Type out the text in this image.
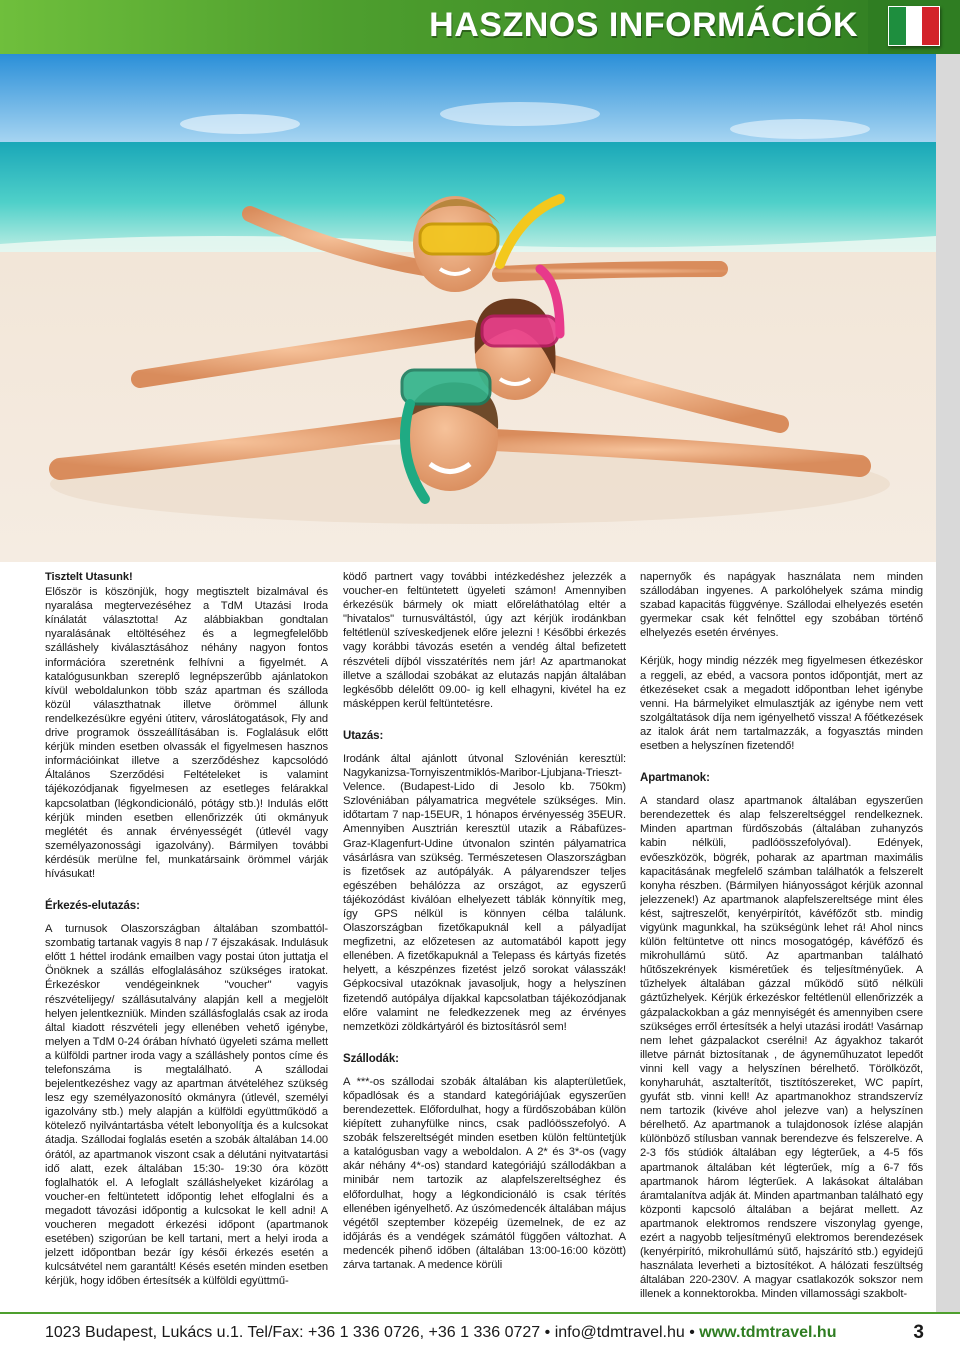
HASZNOS INFORMÁCIÓK

Tisztelt Utasunk!

Először is köszönjük, hogy megtisztelt bizalmával és nyaralása megtervezéséhez a TdM Utazási Iroda kínálatát választotta! Az alábbiakban gondtalan nyaralásának eltöltéséhez és a legmegfelelőbb szálláshely kiválasztásához néhány nagyon fontos információra szeretnénk felhívni a figyelmét. A katalógusunkban szereplő legnépszerűbb ajánlatokon kívül weboldalunkon több száz apartman és szálloda közül választhatnak illetve örömmel állunk rendelkezésükre egyéni útiterv, városlátogatások, Fly and drive programok összeállításában is. Foglalásuk előtt kérjük minden esetben olvassák el figyelmesen hasznos információinkat illetve a szerződéshez kapcsolódó Általános Szerződési Feltételeket is valamint tájékozódjanak figyelmesen az esetleges felárakkal kapcsolatban (légkondicionáló, pótágy stb.)! Indulás előtt kérjük minden esetben ellenőrizzék úti okmányuk meglétét és annak érvényességét (útlevél vagy személyazonossági igazolvány). Bármilyen további kérdésük merülne fel, munkatársaink örömmel várják hívásukat!

Érkezés-elutazás:

A turnusok Olaszországban általában szombattól-szombatig tartanak vagyis 8 nap / 7 éjszakásak. Indulásuk előtt 1 héttel irodánk emailben vagy postai úton juttatja el Önöknek a szállás elfoglalásához szükséges iratokat. Érkezéskor vendégeinknek "voucher" vagyis részvételijegy/ szállásutalvány alapján kell a megjelölt helyen jelentkezniük. Minden szállásfoglalás csak az iroda által kiadott részvételi jegy ellenében vehető igénybe, melyen a TdM 0-24 órában hívható ügyeleti száma mellett a külföldi partner iroda vagy a szálláshely pontos címe és telefonszáma is megtalálható. A szállodai bejelentkezéshez vagy az apartman átvételéhez szükség lesz egy személyazonosító okmányra (útlevél, személyi igazolvány stb.) mely alapján a külföldi együttműködő a kötelező nyilvántartásba vételt lebonyolítja és a kulcsokat átadja. Szállodai foglalás esetén a szobák általában 14.00 órától, az apartmanok viszont csak a délutáni nyitvatartási idő alatt, ezek általában 15:30- 19:30 óra között foglalhatók el. A lefoglalt szálláshelyeket kizárólag a voucher-en feltüntetett időpontig lehet elfoglalni és a megadott távozási időpontig a kulcsokat le kell adni! A voucheren megadott érkezési időpont (apartmanok esetében) szigorúan be kell tartani, mert a helyi iroda a jelzett időpontban bezár így késői érkezés esetén a kulcsátvétel nem garantált! Késés esetén minden esetben kérjük, hogy időben értesítsék a külföldi együttmű-

ködő partnert vagy további intézkedéshez jelezzék a voucher-en feltüntetett ügyeleti számon! Amennyiben érkezésük bármely ok miatt előreláthatólag eltér a "hivatalos" turnusváltástól, úgy azt kérjük irodánkban feltétlenül szíveskedjenek előre jelezni ! Későbbi érkezés vagy korábbi távozás esetén a vendég által befizetett részvételi díjból visszatérítés nem jár! Az apartmanokat illetve a szállodai szobákat az elutazás napján általában legkésőbb délelőtt 09.00- ig kell elhagyni, kivétel ha ez másképpen kerül feltüntetésre.

Utazás:

Irodánk által ajánlott útvonal Szlovénián keresztül: Nagykanizsa-Tornyiszentmiklós-Maribor-Ljubjana-Trieszt-Velence. (Budapest-Lido di Jesolo kb. 750km) Szlovéniában pályamatrica megvétele szükséges. Min. időtartam 7 nap-15EUR, 1 hónapos érvényesség 35EUR. Amennyiben Ausztrián keresztül utazik a Rábafüzes-Graz-Klagenfurt-Udine útvonalon szintén pályamatrica vásárlásra van szükség. Természetesen Olaszországban is fizetősek az autópályák. A pályarendszer teljes egészében behálózza az országot, az egyszerű tájékozódást kiválóan elhelyezett táblák könnyítik meg, így GPS nélkül is könnyen célba találunk. Olaszországban fizetőkapuknál kell a pályadíjat megfizetni, az előzetesen az automatából kapott jegy ellenében. A fizetőkapuknál a Telepass és kártyás fizetés helyett, a készpénzes fizetést jelző sorokat válasszák! Gépkocsival utazóknak javasoljuk, hogy a helyszínen fizetendő autópálya díjakkal kapcsolatban tájékozódjanak előre valamint ne feledkezzenek meg az érvényes nemzetközi zöldkártyáról és biztosításról sem!

Szállodák:

A ***-os szállodai szobák általában kis alapterületűek, kőpadlósak és a standard kategóriájúak egyszerűen berendezettek. Előfordulhat, hogy a fürdőszobában külön kiépített zuhanyfülke nincs, csak padlóösszefolyó. A szobák felszereltségét minden esetben külön feltüntetjük a katalógusban vagy a weboldalon. A 2* és 3*-os (vagy akár néhány 4*-os) standard kategóriájú szállodákban a minibár nem tartozik az alapfelszereltséghez és előfordulhat, hogy a légkondicionáló is csak térítés ellenében igényelhető. Az úszómedencék általában május végétől szeptember közepéig üzemelnek, de ez az időjárás és a vendégek számától függően változhat. A medencék pihenő időben (általában 13:00-16:00 között) zárva tartanak. A medence körüli

napernyők és napágyak használata nem minden szállodában ingyenes. A parkolóhelyek száma mindig szabad kapacitás függvénye. Szállodai elhelyezés esetén gyermekar csak két felnőttel egy szobában történő elhelyezés esetén érvényes.

Kérjük, hogy mindig nézzék meg figyelmesen étkezéskor a reggeli, az ebéd, a vacsora pontos időpontját, mert az étkezéseket csak a megadott időpontban lehet igénybe venni. Ha bármelyiket elmulasztják az igénybe nem vett szolgáltatások díja nem igényelhető vissza! A főétkezések az italok árát nem tartalmazzák, a fogyasztás minden esetben a helyszínen fizetendő!

Apartmanok:

A standard olasz apartmanok általában egyszerűen berendezettek és alap felszereltséggel rendelkeznek. Minden apartman fürdőszobás (általában zuhanyzós kabin nélküli, padlóösszefolyóval). Edények, evőeszközök, bögrék, poharak az apartman maximális kapacitásának megfelelő számban találhatók a felszerelt konyha részben. (Bármilyen hiányosságot kérjük azonnal jelezzenek!) Az apartmanok alapfelszereltsége mint éles kést, sajtreszelőt, kenyérpirítót, kávéfőzőt stb. mindig vigyünk magunkkal, ha szükségünk lehet rá! Ahol nincs külön feltüntetve ott nincs mosogatógép, kávéfőző és mikrohullámú sütő. Az apartmanban található hűtőszekrények kisméretűek és teljesítményűek. A tűzhelyek általában gázzal működő sütő nélküli gáztűzhelyek. Kérjük érkezéskor feltétlenül ellenőrizzék a gázpalackokban a gáz mennyiségét és amennyiben csere szükséges erről értesítsék a helyi utazási irodát! Vasárnap nem lehet gázpalackot cserélni! Az ágyakhoz takarót illetve párnát biztosítanak , de ágyneműhuzatot lepedőt vinni kell vagy a helyszínen bérelhető. Törölközőt, konyharuhát, asztalterítőt, tisztítószereket, WC papírt, gyufát stb. vinni kell! Az apartmanokhoz strandszervíz nem tartozik (kivéve ahol jelezve van) a helyszínen bérelhető. Az apartmanok a tulajdonosok ízlése alapján különböző stílusban vannak berendezve és felszerelve. A 2-3 fős stúdiók általában egy légterűek, a 4-5 fős apartmanok általában két légterűek, míg a 6-7 fős apartmanok három légterűek. A lakásokat általában áramtalanítva adják át. Minden apartmanban található egy központi kapcsoló általában a bejárat mellett. Az apartmanok elektromos rendszere viszonylag gyenge, ezért a nagyobb teljesítményű elektromos berendezések (kenyérpirító, mikrohullámú sütő, hajszárító stb.) egyidejű használata leverheti a biztosítékot. A hálózati feszültség általában 220-230V. A magyar csatlakozók sokszor nem illenek a konnektorokba. Minden villamossági szakbolt-

1023 Budapest, Lukács u.1. Tel/Fax: +36 1 336 0726, +36 1 336 0727 • info@tdmtravel.hu • www.tdmtravel.hu	3
